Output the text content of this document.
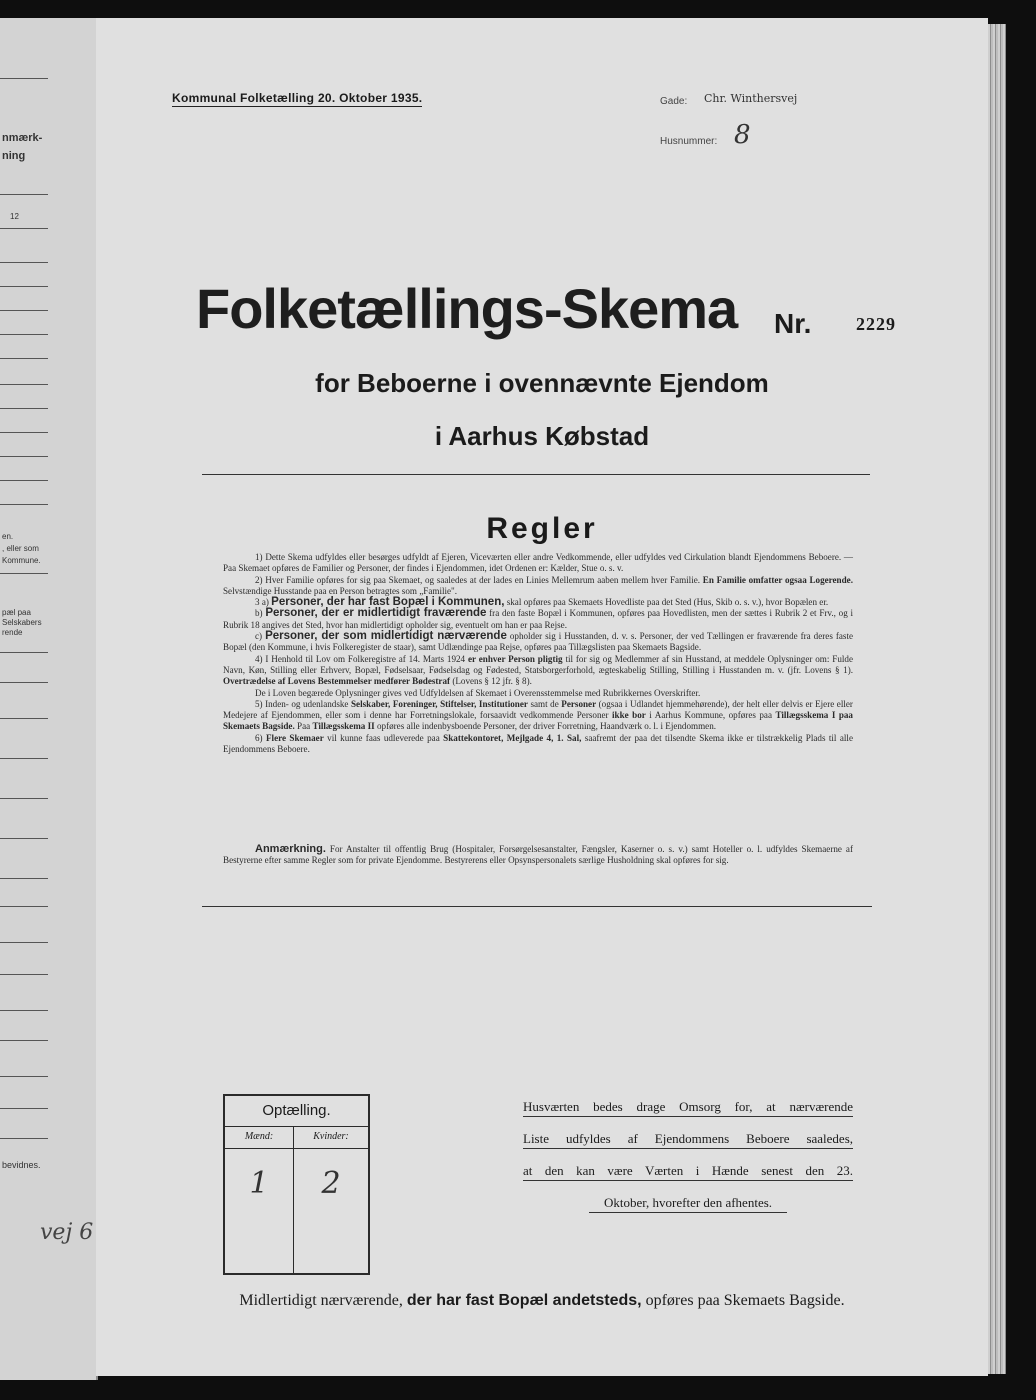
nmærk-
ning
12
en.
, eller som
Kommune.
pæl paa
Selskabers
rende
bevidnes.
vej 6
Kommunal Folketælling 20. Oktober 1935.	Gade: Chr. Winthersvej
Husnummer: 8
Folketællings-Skema Nr. 2229
for Beboerne i ovennævnte Ejendom
i Aarhus Købstad
Regler

1) Dette Skema udfyldes eller besørges udfyldt af Ejeren, Viceværten eller andre Vedkommende, eller udfyldes ved Cirkulation blandt Ejendommens Beboere. — Paa Skemaet opføres de Familier og Personer, der findes i Ejendommen, idet Ordenen er: Kælder, Stue o. s. v.

2) Hver Familie opføres for sig paa Skemaet, og saaledes at der lades en Linies Mellemrum aaben mellem hver Familie. En Familie omfatter ogsaa Logerende. Selvstændige Husstande paa en Person betragtes som „Familie".

3 a) Personer, der har fast Bopæl i Kommunen, skal opføres paa Skemaets Hovedliste paa det Sted (Hus, Skib o. s. v.), hvor Bopælen er.

b) Personer, der er midlertidigt fraværende fra den faste Bopæl i Kommunen, opføres paa Hovedlisten, men der sættes i Rubrik 2 et Frv., og i Rubrik 18 angives det Sted, hvor han midlertidigt opholder sig, eventuelt om han er paa Rejse.

c) Personer, der som midlertidigt nærværende opholder sig i Husstanden, d. v. s. Personer, der ved Tællingen er fraværende fra deres faste Bopæl (den Kommune, i hvis Folkeregister de staar), samt Udlændinge paa Rejse, opføres paa Tillægslisten paa Skemaets Bagside.

4) I Henhold til Lov om Folkeregistre af 14. Marts 1924 er enhver Person pligtig til for sig og Medlemmer af sin Husstand, at meddele Oplysninger om: Fulde Navn, Køn, Stilling eller Erhverv, Bopæl, Fødselsaar, Fødselsdag og Fødested, Statsborgerforhold, ægteskabelig Stilling, Stilling i Husstanden m. v. (jfr. Lovens § 1). Overtrædelse af Lovens Bestemmelser medfører Bødestraf (Lovens § 12 jfr. § 8).

De i Loven begærede Oplysninger gives ved Udfyldelsen af Skemaet i Overensstemmelse med Rubrikkernes Overskrifter.

5) Inden- og udenlandske Selskaber, Foreninger, Stiftelser, Institutioner samt de Personer (ogsaa i Udlandet hjemmehørende), der helt eller delvis er Ejere eller Medejere af Ejendommen, eller som i denne har Forretningslokale, forsaavidt vedkommende Personer ikke bor i Aarhus Kommune, opføres paa Tillægsskema I paa Skemaets Bagside. Paa Tillægsskema II opføres alle indenbysboende Personer, der driver Forretning, Haandværk o. l. i Ejendommen.

6) Flere Skemaer vil kunne faas udleverede paa Skattekontoret, Mejlgade 4, 1. Sal, saafremt der paa det tilsendte Skema ikke er tilstrækkelig Plads til alle Ejendommens Beboere.

Anmærkning. For Anstalter til offentlig Brug (Hospitaler, Forsørgelsesanstalter, Fængsler, Kaserner o. s. v.) samt Hoteller o. l. udfyldes Skemaerne af Bestyrerne efter samme Regler som for private Ejendomme. Bestyrerens eller Opsynspersonalets særlige Husholdning skal opføres for sig.
Optælling.
Mænd:
1
Kvinder:
2
Husværten bedes drage Omsorg for, at nærværende
Liste udfyldes af Ejendommens Beboere saaledes,
at den kan være Værten i Hænde senest den 23.
Oktober, hvorefter den afhentes.
Midlertidigt nærværende, der har fast Bopæl andetsteds, opføres paa Skemaets Bagside.
